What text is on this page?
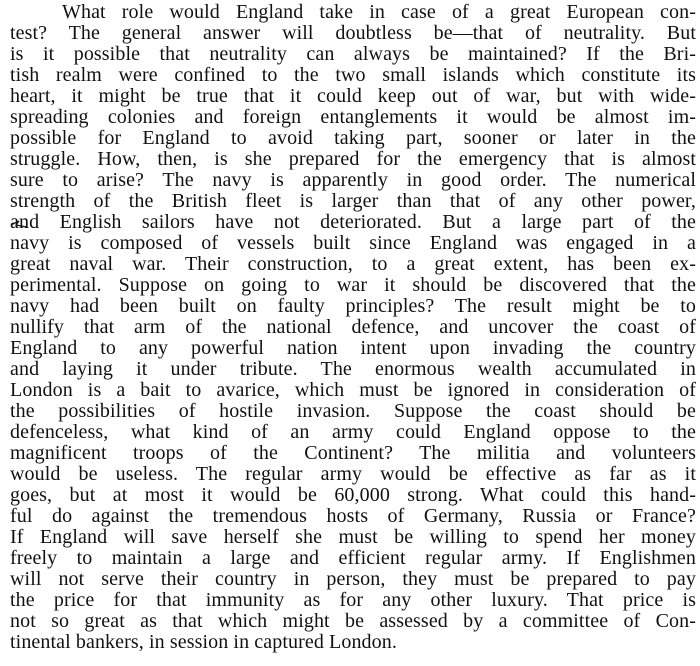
What role would England take in case of a great European con-
test? The general answer will doubtless be—that of neutrality. But
is it possible that neutrality can always be maintained? If the Bri-
tish realm were confined to the two small islands which constitute its
heart, it might be true that it could keep out of war, but with wide-
spreading colonies and foreign entanglements it would be almost im-
possible for England to avoid taking part, sooner or later in the
struggle. How, then, is she prepared for the emergency that is almost
sure to arise? The navy is apparently in good order. The numerical
strength of the British fleet is larger than that of any other power,
and English sailors have not deteriorated. But a large part of the
navy is composed of vessels built since England was engaged in a
great naval war. Their construction, to a great extent, has been ex-
perimental. Suppose on going to war it should be discovered that the
navy had been built on faulty principles? The result might be to
nullify that arm of the national defence, and uncover the coast of
England to any powerful nation intent upon invading the country
and laying it under tribute. The enormous wealth accumulated in
London is a bait to avarice, which must be ignored in consideration of
the possibilities of hostile invasion. Suppose the coast should be
defenceless, what kind of an army could England oppose to the
magnificent troops of the Continent? The militia and volunteers
would be useless. The regular army would be effective as far as it
goes, but at most it would be 60,000 strong. What could this hand-
ful do against the tremendous hosts of Germany, Russia or France?
If England will save herself she must be willing to spend her money
freely to maintain a large and efficient regular army. If Englishmen
will not serve their country in person, they must be prepared to pay
the price for that immunity as for any other luxury. That price is
not so great as that which might be assessed by a committee of Con-
tinental bankers, in session in captured London.
